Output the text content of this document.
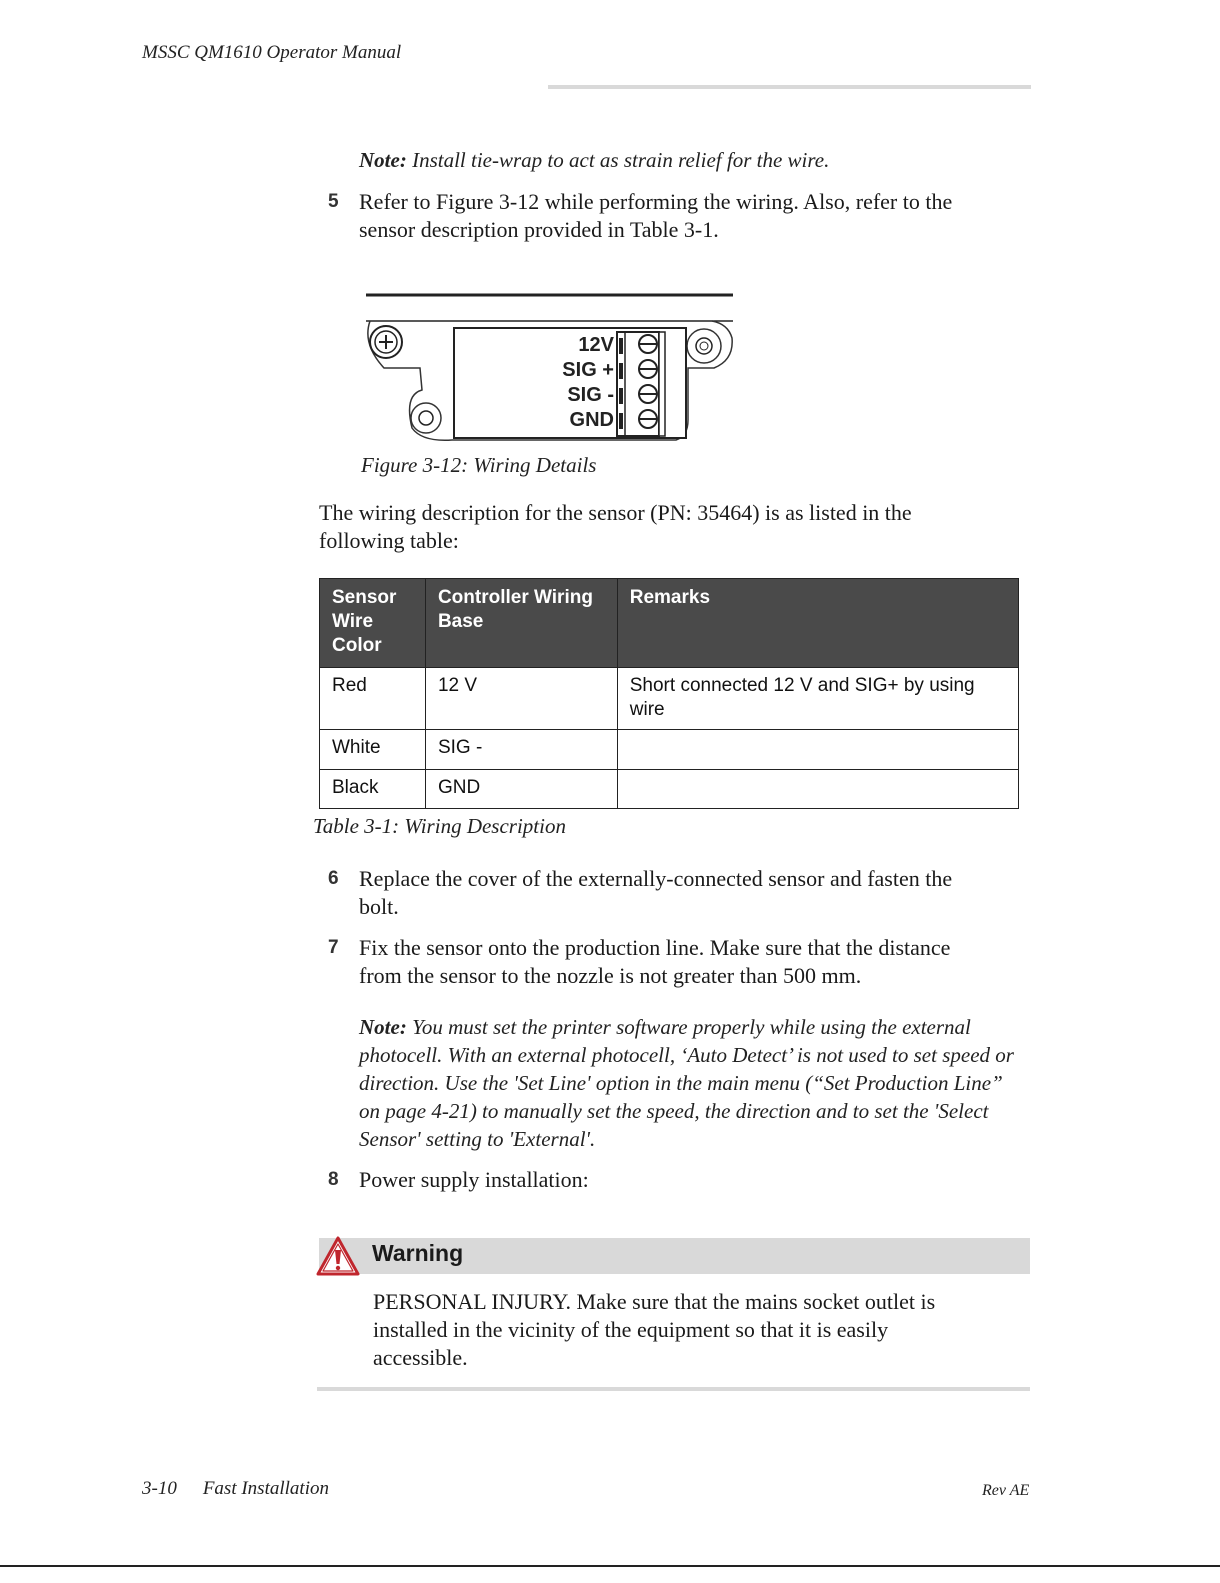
MSSC QM1610 Operator Manual
Note: Install tie-wrap to act as strain relief for the wire.
5 Refer to Figure 3-12 while performing the wiring. Also, refer to the
sensor description provided in Table 3-1.
12V
SIG +
SIG -
GND
Figure 3-12: Wiring Details
The wiring description for the sensor (PN: 35464) is as listed in the
following table:
Sensor Wire Color	Controller Wiring Base	Remarks
Red	12 V	Short connected 12 V and SIG+ by using wire
White	SIG -	
Black	GND	
Table 3-1: Wiring Description
6 Replace the cover of the externally-connected sensor and fasten the
bolt.
7 Fix the sensor onto the production line. Make sure that the distance
from the sensor to the nozzle is not greater than 500 mm.
Note: You must set the printer software properly while using the external
photocell. With an external photocell, ‘Auto Detect’ is not used to set speed or
direction. Use the 'Set Line' option in the main menu (“Set Production Line”
on page 4-21) to manually set the speed, the direction and to set the 'Select
Sensor' setting to 'External'.
8 Power supply installation:
Warning
PERSONAL INJURY. Make sure that the mains socket outlet is
installed in the vicinity of the equipment so that it is easily
accessible.
3-10 Fast Installation	Rev AE
